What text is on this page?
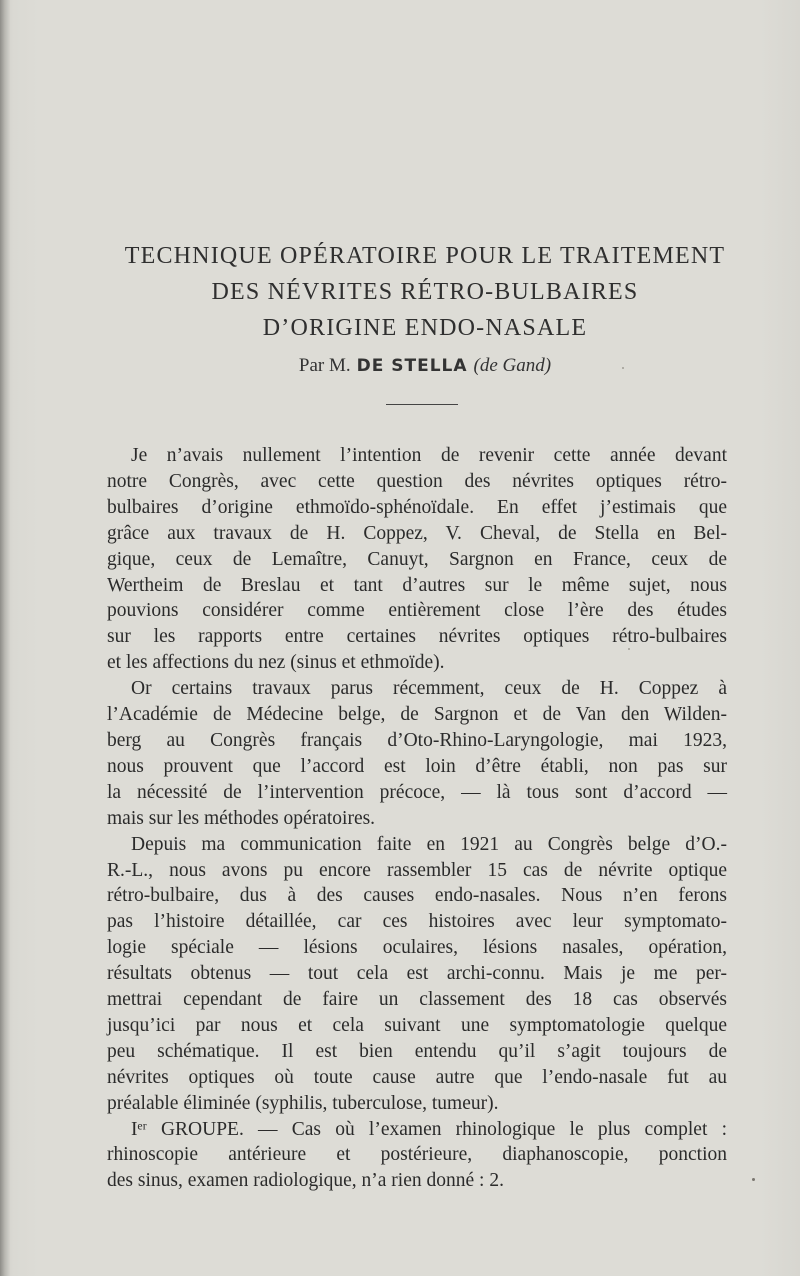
TECHNIQUE OPÉRATOIRE POUR LE TRAITEMENT
DES NÉVRITES RÉTRO-BULBAIRES
D’ORIGINE ENDO-NASALE
Par M. DE STELLA (de Gand)
Je n’avais nullement l’intention de revenir cette année devant
notre Congrès, avec cette question des névrites optiques rétro-
bulbaires d’origine ethmoïdo-sphénoïdale. En effet j’estimais que
grâce aux travaux de H. Coppez, V. Cheval, de Stella en Bel-
gique, ceux de Lemaître, Canuyt, Sargnon en France, ceux de
Wertheim de Breslau et tant d’autres sur le même sujet, nous
pouvions considérer comme entièrement close l’ère des études
sur les rapports entre certaines névrites optiques rétro-bulbaires
et les affections du nez (sinus et ethmoïde).
Or certains travaux parus récemment, ceux de H. Coppez à
l’Académie de Médecine belge, de Sargnon et de Van den Wilden-
berg au Congrès français d’Oto-Rhino-Laryngologie, mai 1923,
nous prouvent que l’accord est loin d’être établi, non pas sur
la nécessité de l’intervention précoce, — là tous sont d’accord —
mais sur les méthodes opératoires.
Depuis ma communication faite en 1921 au Congrès belge d’O.-
R.-L., nous avons pu encore rassembler 15 cas de névrite optique
rétro-bulbaire, dus à des causes endo-nasales. Nous n’en ferons
pas l’histoire détaillée, car ces histoires avec leur symptomato-
logie spéciale — lésions oculaires, lésions nasales, opération,
résultats obtenus — tout cela est archi-connu. Mais je me per-
mettrai cependant de faire un classement des 18 cas observés
jusqu’ici par nous et cela suivant une symptomatologie quelque
peu schématique. Il est bien entendu qu’il s’agit toujours de
névrites optiques où toute cause autre que l’endo-nasale fut au
préalable éliminée (syphilis, tuberculose, tumeur).
Iᵉʳ GROUPE. — Cas où l’examen rhinologique le plus complet :
rhinoscopie antérieure et postérieure, diaphanoscopie, ponction
des sinus, examen radiologique, n’a rien donné : 2.
